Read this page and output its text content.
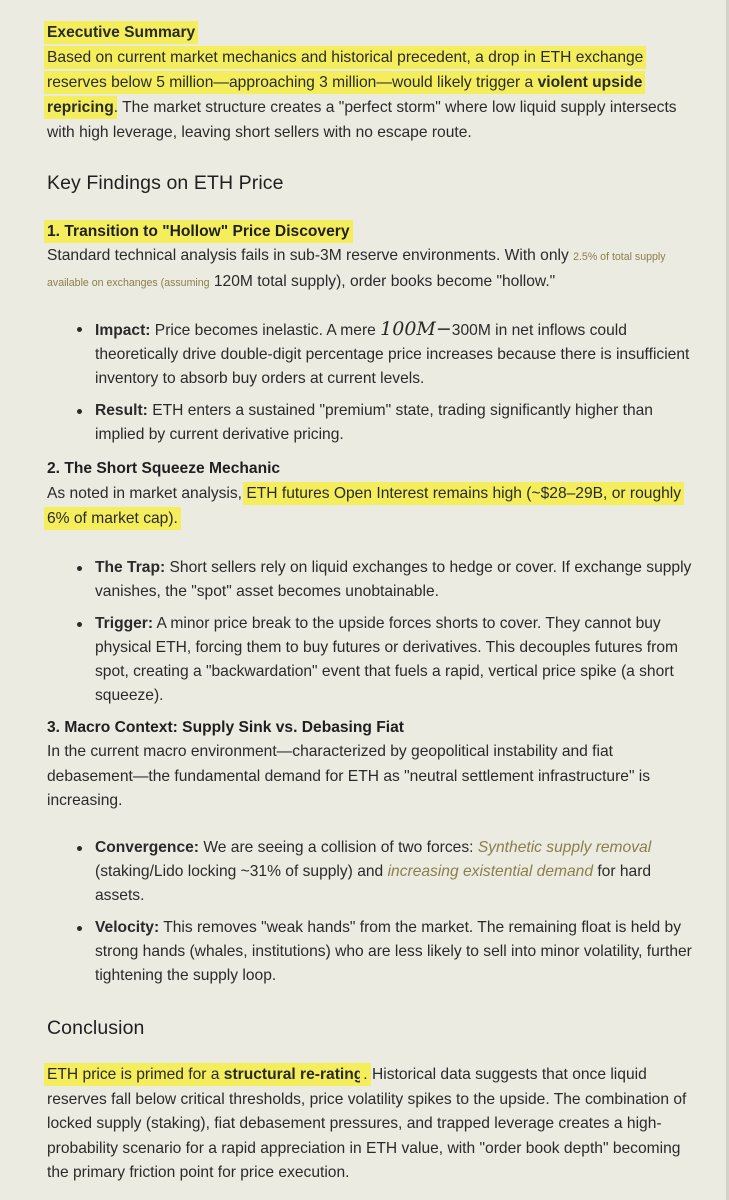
Executive Summary
Based on current market mechanics and historical precedent, a drop in ETH exchange reserves below 5 million—approaching 3 million—would likely trigger a violent upside repricing. The market structure creates a "perfect storm" where low liquid supply intersects with high leverage, leaving short sellers with no escape route.

Key Findings on ETH Price

1. Transition to "Hollow" Price Discovery

Standard technical analysis fails in sub-3M reserve environments. With only 2.5% of total supply available on exchanges (assuming 120M total supply), order books become "hollow."

Impact: Price becomes inelastic. A mere 100M−300M in net inflows could theoretically drive double-digit percentage price increases because there is insufficient inventory to absorb buy orders at current levels.
Result: ETH enters a sustained "premium" state, trading significantly higher than implied by current derivative pricing.

2. The Short Squeeze Mechanic

As noted in market analysis, ETH futures Open Interest remains high (~$28–29B, or roughly 6% of market cap).

The Trap: Short sellers rely on liquid exchanges to hedge or cover. If exchange supply vanishes, the "spot" asset becomes unobtainable.
Trigger: A minor price break to the upside forces shorts to cover. They cannot buy physical ETH, forcing them to buy futures or derivatives. This decouples futures from spot, creating a "backwardation" event that fuels a rapid, vertical price spike (a short squeeze).

3. Macro Context: Supply Sink vs. Debasing Fiat

In the current macro environment—characterized by geopolitical instability and fiat debasement—the fundamental demand for ETH as "neutral settlement infrastructure" is increasing.

Convergence: We are seeing a collision of two forces: Synthetic supply removal (staking/Lido locking ~31% of supply) and increasing existential demand for hard assets.
Velocity: This removes "weak hands" from the market. The remaining float is held by strong hands (whales, institutions) who are less likely to sell into minor volatility, further tightening the supply loop.
Conclusion

ETH price is primed for a structural re-rating. Historical data suggests that once liquid reserves fall below critical thresholds, price volatility spikes to the upside. The combination of locked supply (staking), fiat debasement pressures, and trapped leverage creates a high-probability scenario for a rapid appreciation in ETH value, with "order book depth" becoming the primary friction point for price execution.
